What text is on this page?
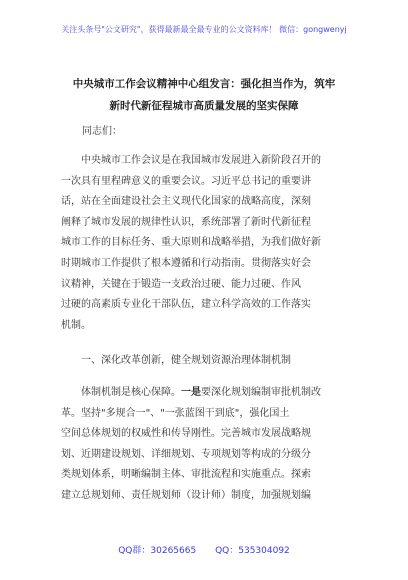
关注头条号"公文研究"，获得最新最全最专业的公文资料库！ 微信：gongwenyj
中央城市工作会议精神中心组发言：强化担当作为，筑牢
新时代新征程城市高质量发展的坚实保障
同志们：
中央城市工作会议是在我国城市发展进入新阶段召开的
一次具有里程碑意义的重要会议。习近平总书记的重要讲
话，站在全面建设社会主义现代化国家的战略高度，深刻
阐释了城市发展的规律性认识，系统部署了新时代新征程
城市工作的目标任务、重大原则和战略举措，为我们做好新
时期城市工作提供了根本遵循和行动指南。贯彻落实好会
议精神，关键在于锻造一支政治过硬、能力过硬、作风
过硬的高素质专业化干部队伍，建立科学高效的工作落实
机制。
一、深化改革创新，健全规划资源治理体制机制
体制机制是核心保障。一是要深化规划编制审批机制改
革。坚持"多规合一"、"一张蓝图干到底"，强化国土
空间总体规划的权威性和传导刚性。完善城市发展战略规
划、近期建设规划、详细规划、专项规划等构成的分级分
类规划体系，明晰编制主体、审批流程和实施重点。探索
建立总规划师、责任规划师（设计师）制度，加强规划编
QQ群：30265665 QQ：535304092
